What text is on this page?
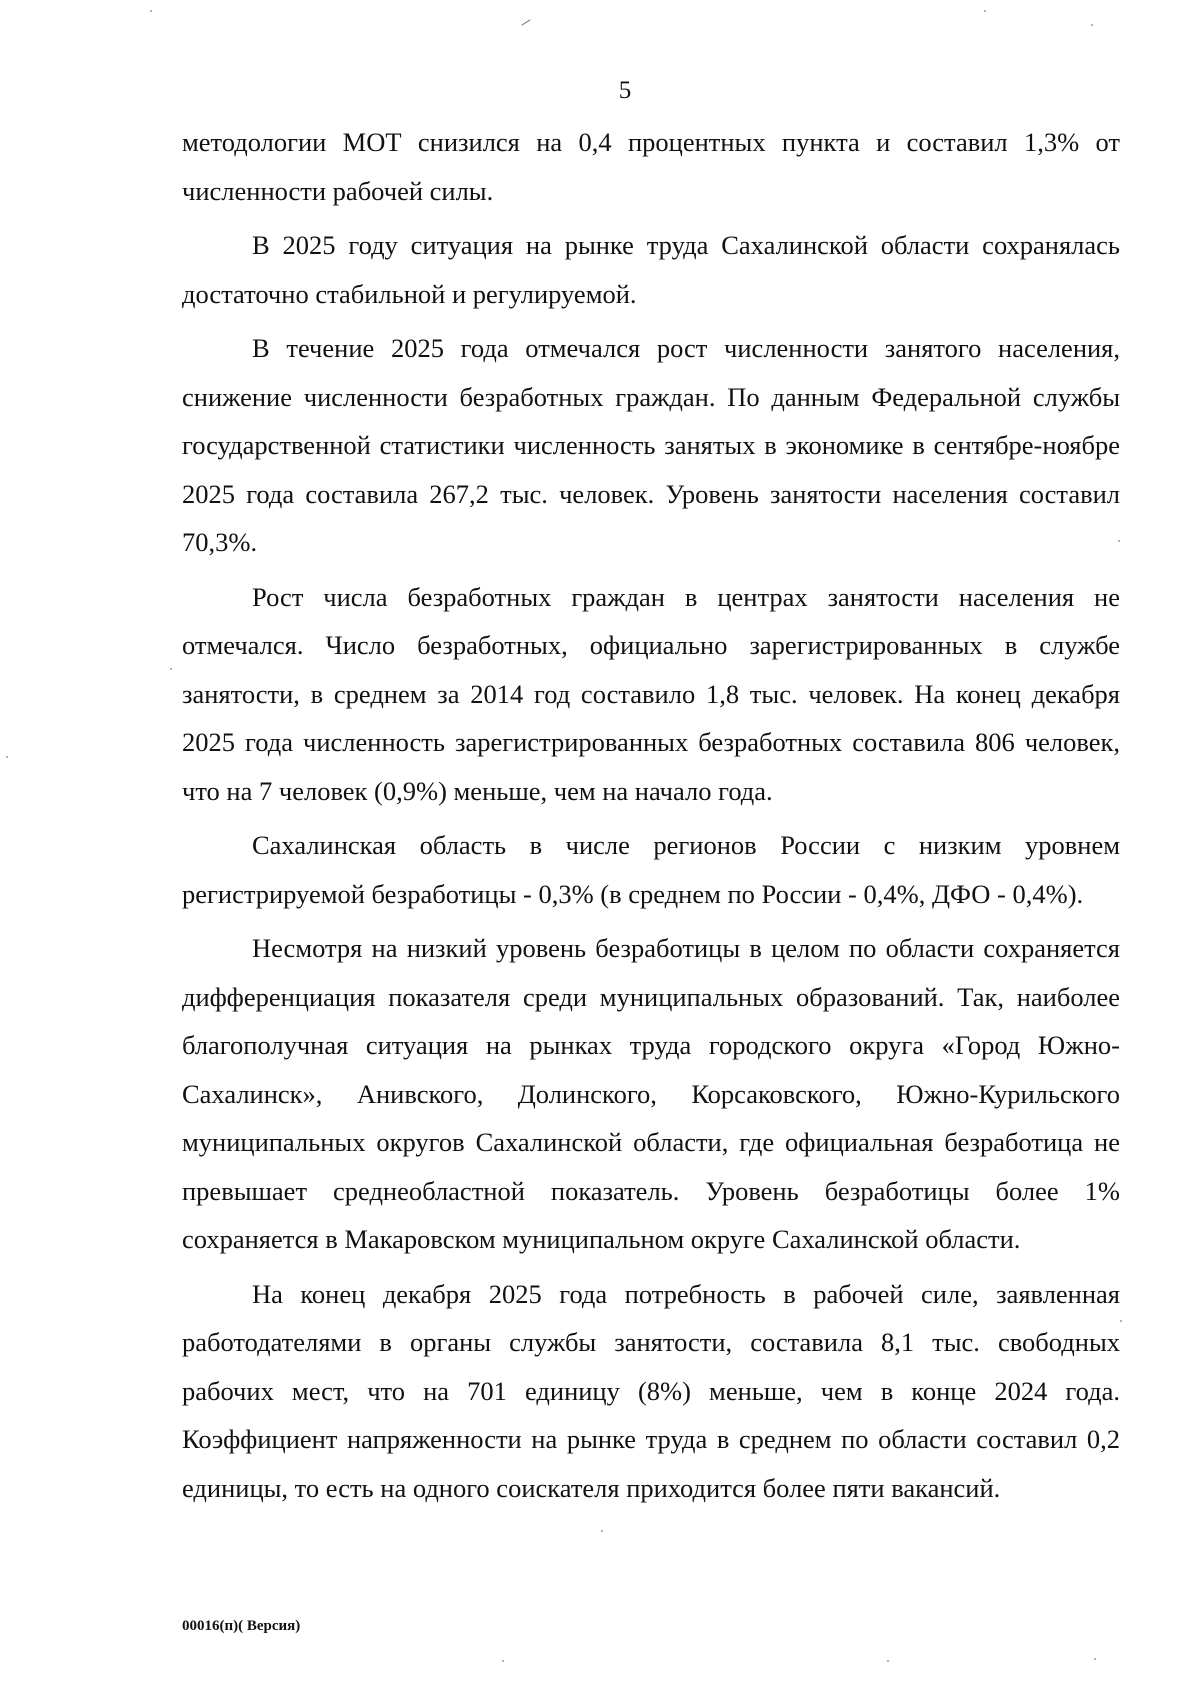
5

методологии МОТ снизился на 0,4 процентных пункта и составил 1,3% от численности рабочей силы.

В 2025 году ситуация на рынке труда Сахалинской области сохранялась достаточно стабильной и регулируемой.

В течение 2025 года отмечался рост численности занятого населения, снижение численности безработных граждан. По данным Федеральной службы государственной статистики численность занятых в экономике в сентябре-ноябре 2025 года составила 267,2 тыс. человек. Уровень занятости населения составил 70,3%.

Рост числа безработных граждан в центрах занятости населения не отмечался. Число безработных, официально зарегистрированных в службе занятости, в среднем за 2014 год составило 1,8 тыс. человек. На конец декабря 2025 года численность зарегистрированных безработных составила 806 человек, что на 7 человек (0,9%) меньше, чем на начало года.

Сахалинская область в числе регионов России с низким уровнем регистрируемой безработицы - 0,3% (в среднем по России - 0,4%, ДФО - 0,4%).

Несмотря на низкий уровень безработицы в целом по области сохраняется дифференциация показателя среди муниципальных образований. Так, наиболее благополучная ситуация на рынках труда городского округа «Город Южно-Сахалинск», Анивского, Долинского, Корсаковского, Южно-Курильского муниципальных округов Сахалинской области, где официальная безработица не превышает среднеобластной показатель. Уровень безработицы более 1% сохраняется в Макаровском муниципальном округе Сахалинской области.

На конец декабря 2025 года потребность в рабочей силе, заявленная работодателями в органы службы занятости, составила 8,1 тыс. свободных рабочих мест, что на 701 единицу (8%) меньше, чем в конце 2024 года. Коэффициент напряженности на рынке труда в среднем по области составил 0,2 единицы, то есть на одного соискателя приходится более пяти вакансий.

00016(п)( Версия)
